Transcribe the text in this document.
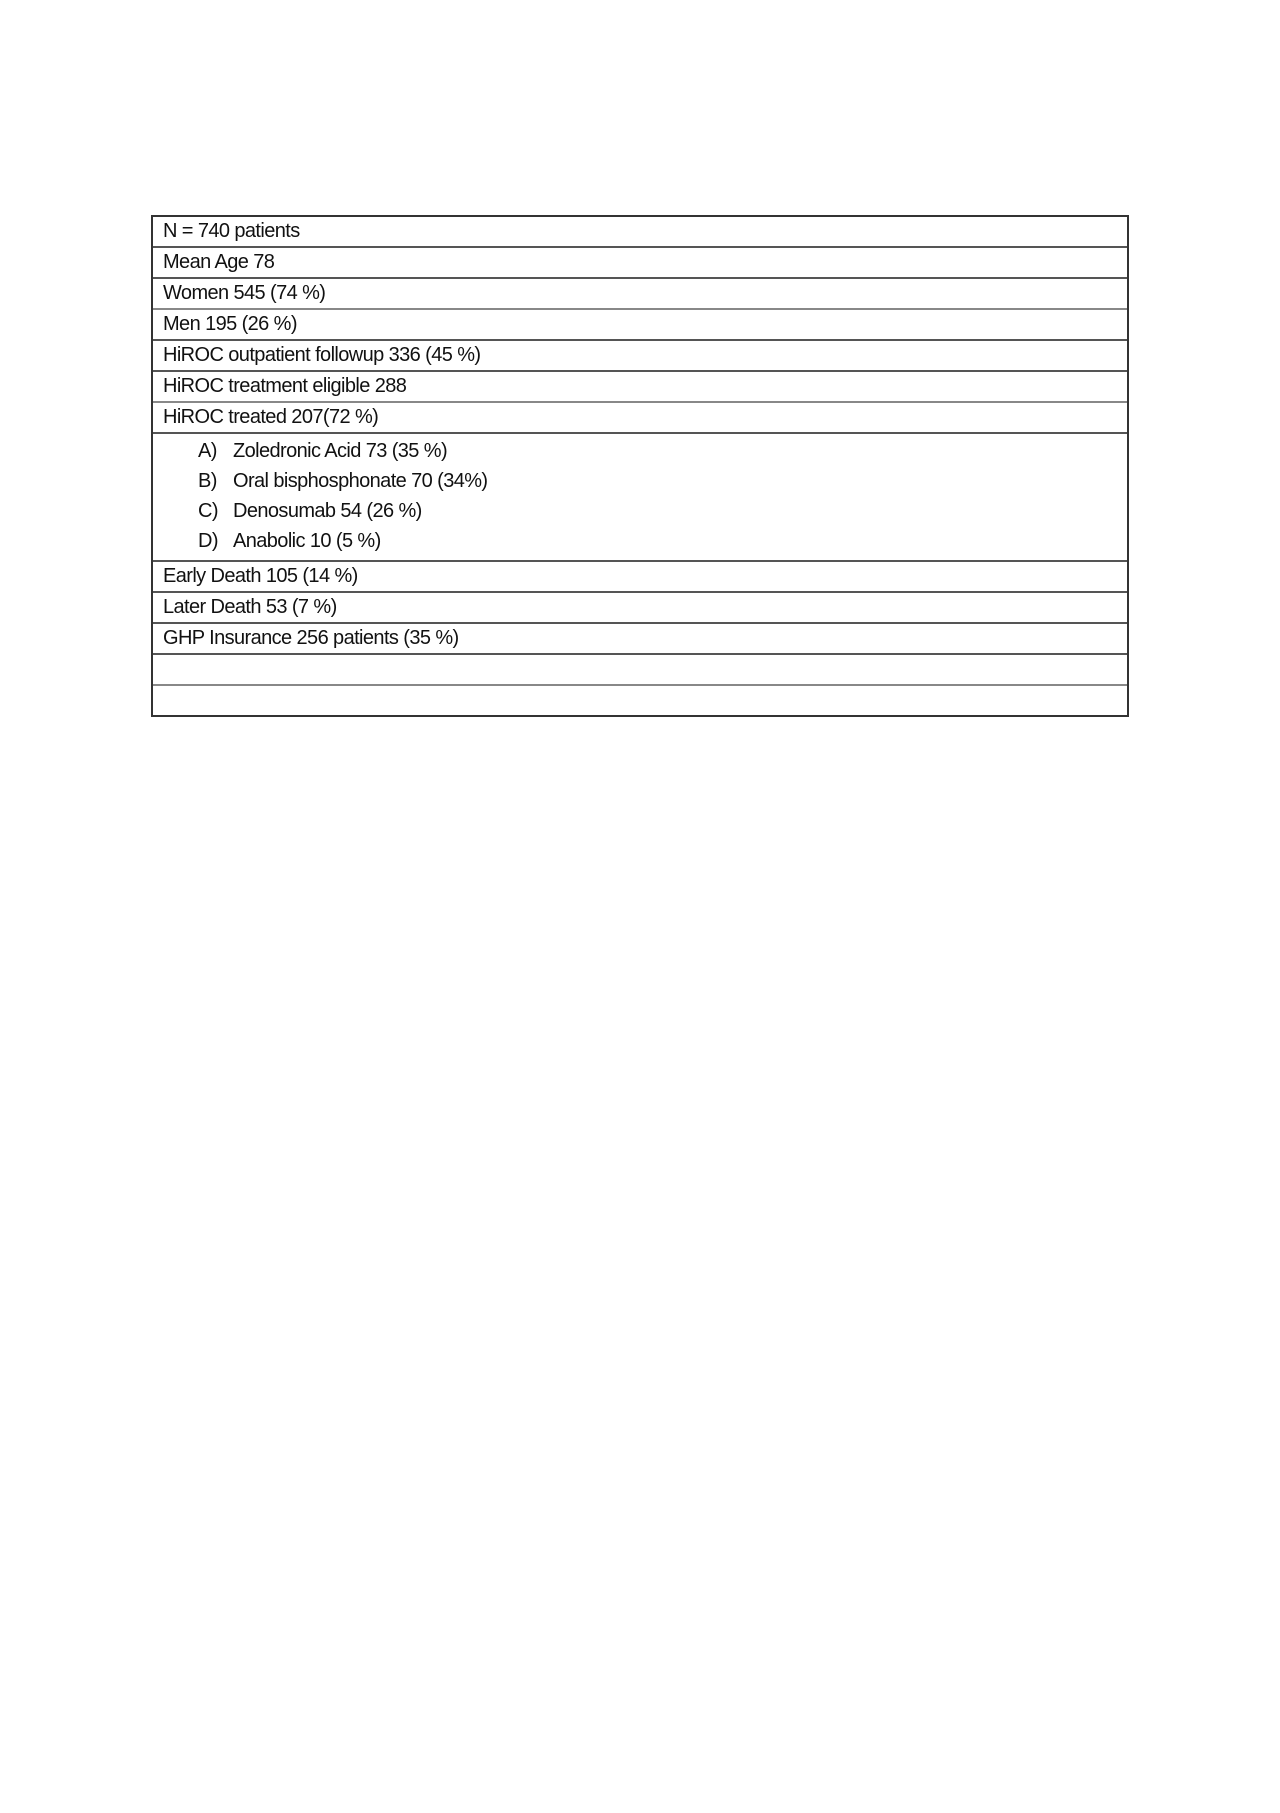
N = 740 patients
Mean Age 78
Women 545 (74 %)
Men 195 (26 %)
HiROC outpatient followup 336 (45 %)
HiROC treatment eligible 288
HiROC treated 207(72 %)
A) Zoledronic Acid 73 (35 %)
B) Oral bisphosphonate 70 (34%)
C) Denosumab 54 (26 %)
D) Anabolic 10 (5 %)
Early Death 105 (14 %)
Later Death 53 (7 %)
GHP Insurance 256 patients (35 %)
